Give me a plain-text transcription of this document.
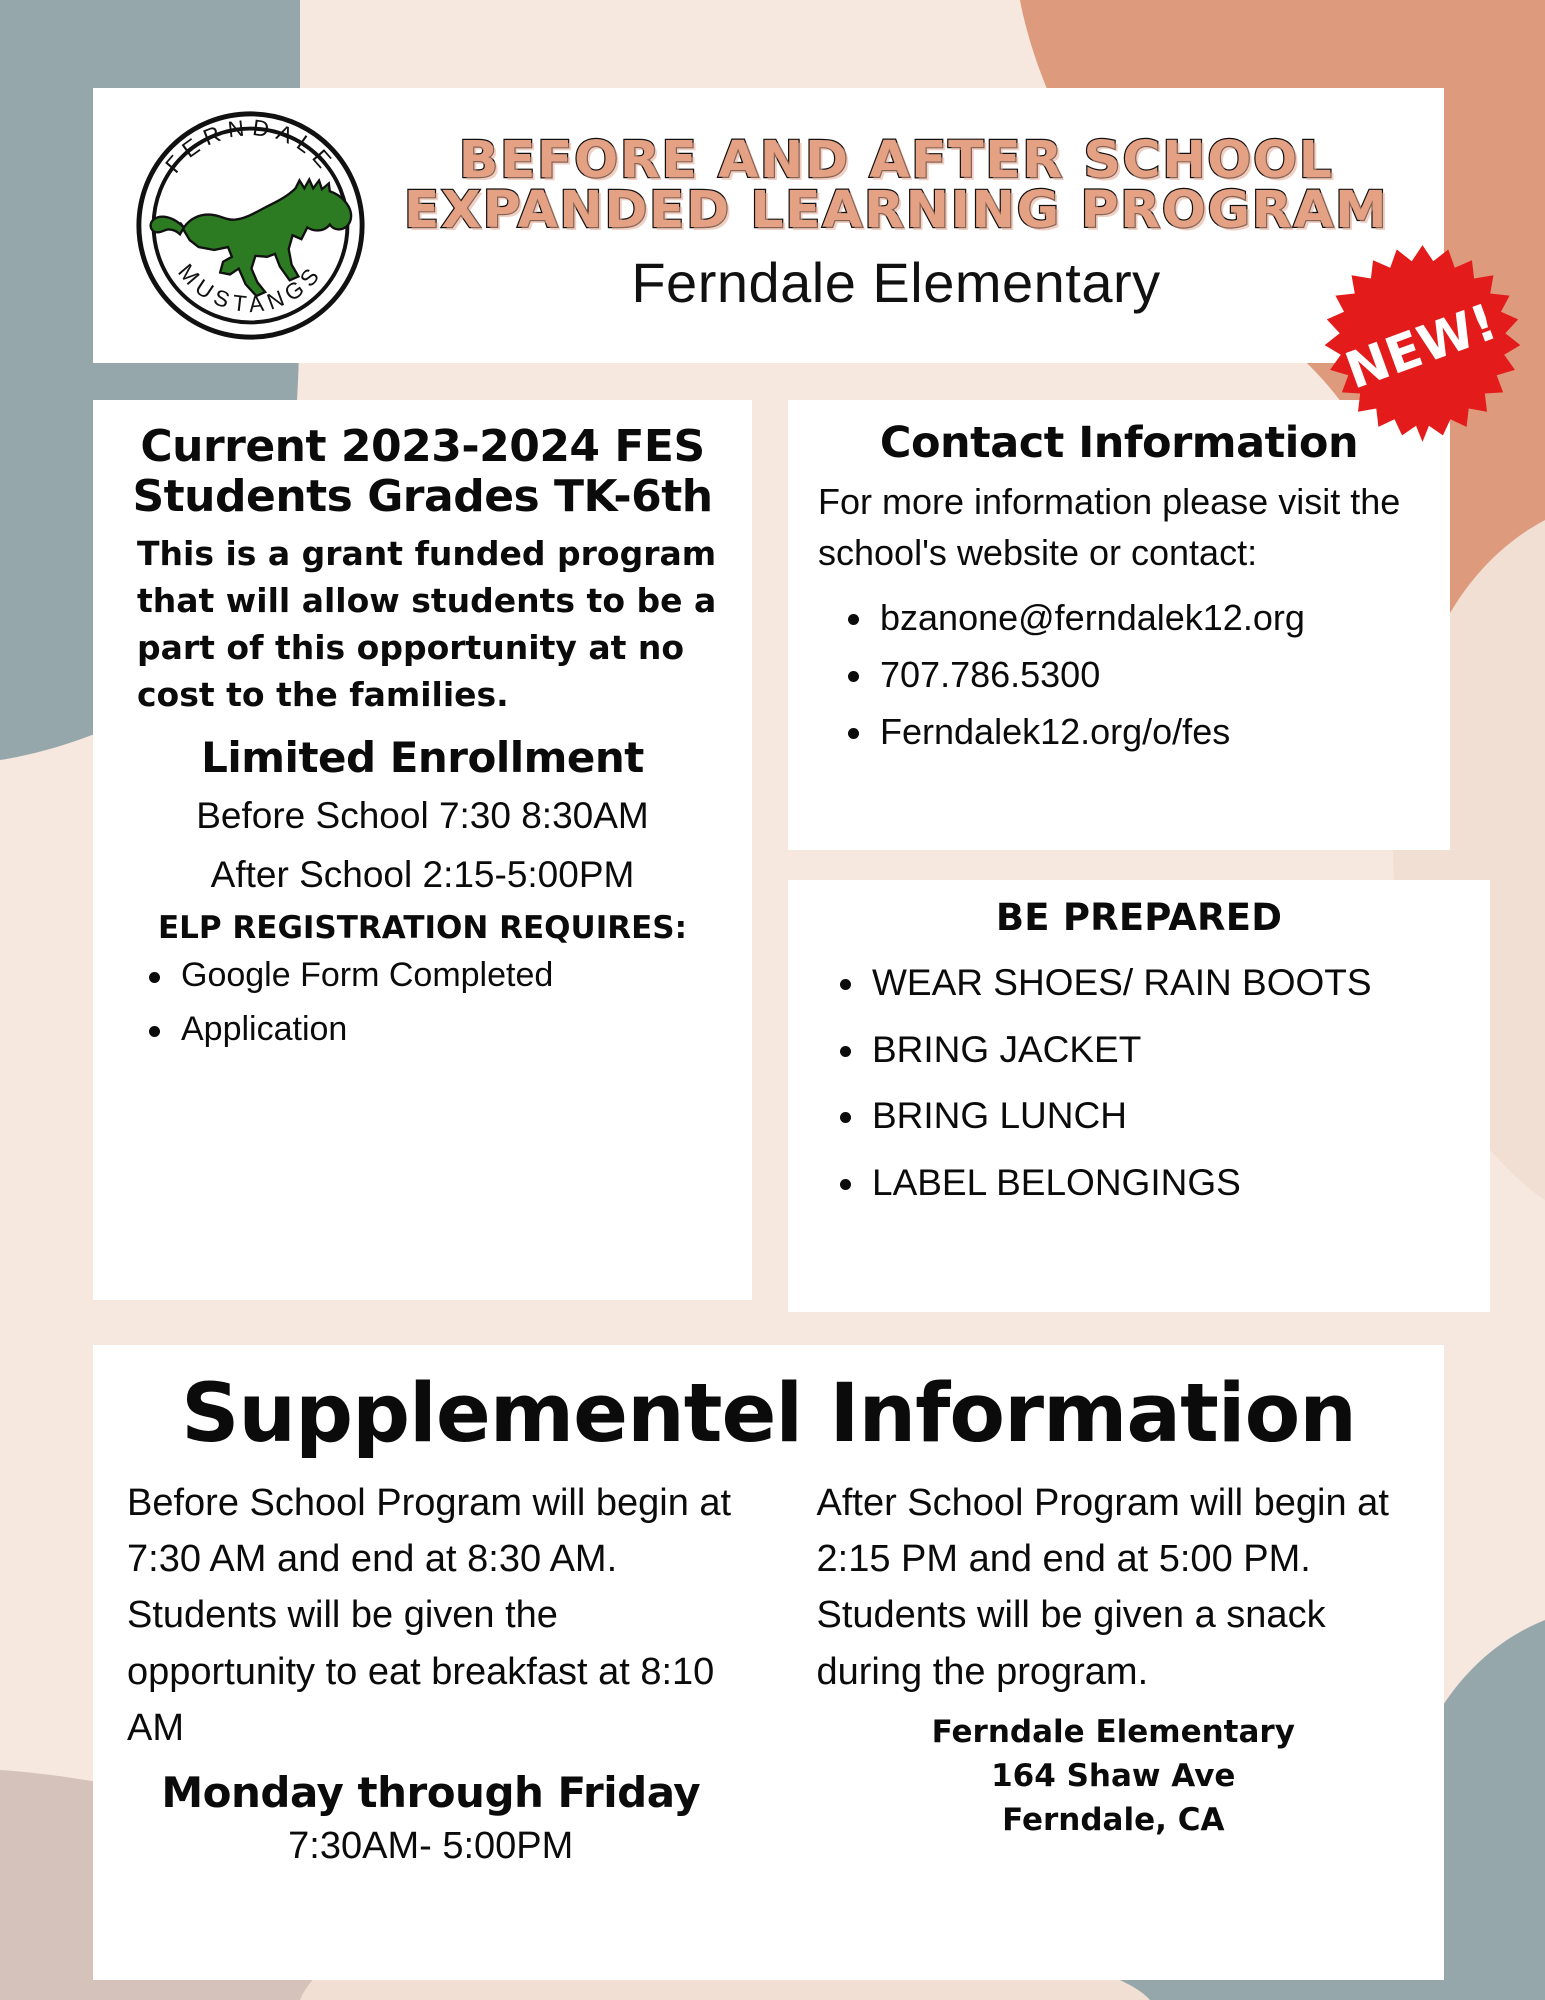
FERNDALE
MUSTANGS
BEFORE AND AFTER SCHOOL
EXPANDED LEARNING PROGRAM
Ferndale Elementary
NEW!
Current 2023-2024 FES Students Grades TK-6th
This is a grant funded program that will allow students to be a part of this opportunity at no cost to the families.
Limited Enrollment
Before School 7:30 8:30AM
After School 2:15-5:00PM
ELP REGISTRATION REQUIRES:
Google Form Completed
Application
Contact Information
For more information please visit the school's website or contact:
bzanone@ferndalek12.org
707.786.5300
Ferndalek12.org/o/fes
BE PREPARED
WEAR SHOES/ RAIN BOOTS
BRING JACKET
BRING LUNCH
LABEL BELONGINGS
Supplementel Information
Before School Program will begin at 7:30 AM and end at 8:30 AM. Students will be given the opportunity to eat breakfast at 8:10 AM
Monday through Friday
7:30AM- 5:00PM
After School Program will begin at 2:15 PM and end at 5:00 PM. Students will be given a snack during the program.
Ferndale Elementary
164 Shaw Ave
Ferndale, CA
